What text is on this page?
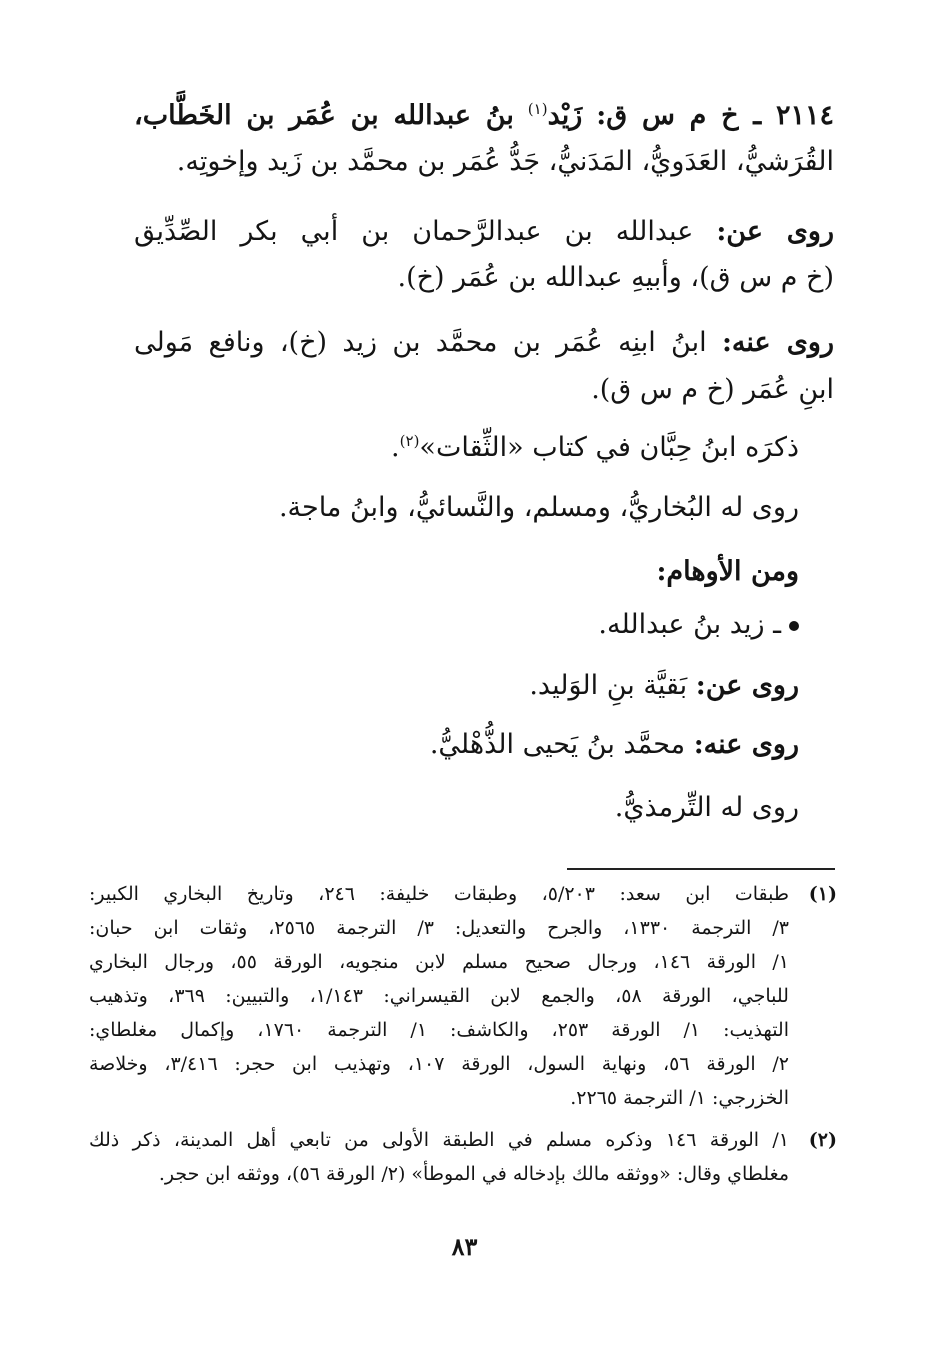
٢١١٤ ـ خ م س ق: زَيْد$^{(١)}$ بنُ عبدالله بن عُمَر بن الخَطَّاب،
القُرَشيُّ، العَدَويُّ، المَدَنيُّ، جَدُّ عُمَر بن محمَّد بن زَيد وإخوتِه.
روى عن: عبدالله بن عبدالرَّحمان بن أبي بكر الصِّدِّيق
(خ م س ق)، وأبيهِ عبدالله بن عُمَر (خ).
روى عنه: ابنُ ابنِه عُمَر بن محمَّد بن زيد (خ)، ونافع مَولى
ابنِ عُمَر (خ م س ق).
ذكرَه ابنُ حِبَّان في كتاب «الثِّقات»$^{(٢)}$.
روى له البُخاريُّ، ومسلم، والنَّسائيُّ، وابنُ ماجة.
ومن الأوهام:
ـ زيد بنُ عبدالله.
روى عن: بَقيَّة بنِ الوَليد.
روى عنه: محمَّد بنُ يَحيى الذُّهْليُّ.
روى له التِّرمذيُّ.
(١)
طبقات ابن سعد: ٥/٢٠٣، وطبقات خليفة: ٢٤٦، وتاريخ البخاري الكبير:
٣/ الترجمة ١٣٣٠، والجرح والتعديل: ٣/ الترجمة ٢٥٦٥، وثقات ابن حبان:
١/ الورقة ١٤٦، ورجال صحيح مسلم لابن منجويه، الورقة ٥٥، ورجال البخاري
للباجي، الورقة ٥٨، والجمع لابن القيسراني: ١/١٤٣، والتبيين: ٣٦٩، وتذهيب
التهذيب: ١/ الورقة ٢٥٣، والكاشف: ١/ الترجمة ١٧٦٠، وإكمال مغلطاي:
٢/ الورقة ٥٦، ونهاية السول، الورقة ١٠٧، وتهذيب ابن حجر: ٣/٤١٦، وخلاصة
الخزرجي: ١/ الترجمة ٢٢٦٥.
(٢)
١/ الورقة ١٤٦ وذكره مسلم في الطبقة الأولى من تابعي أهل المدينة، ذكر ذلك
مغلطاي وقال: «ووثقه مالك بإدخاله في الموطأ» (٢/ الورقة ٥٦)، ووثقه ابن حجر.
٨٣
